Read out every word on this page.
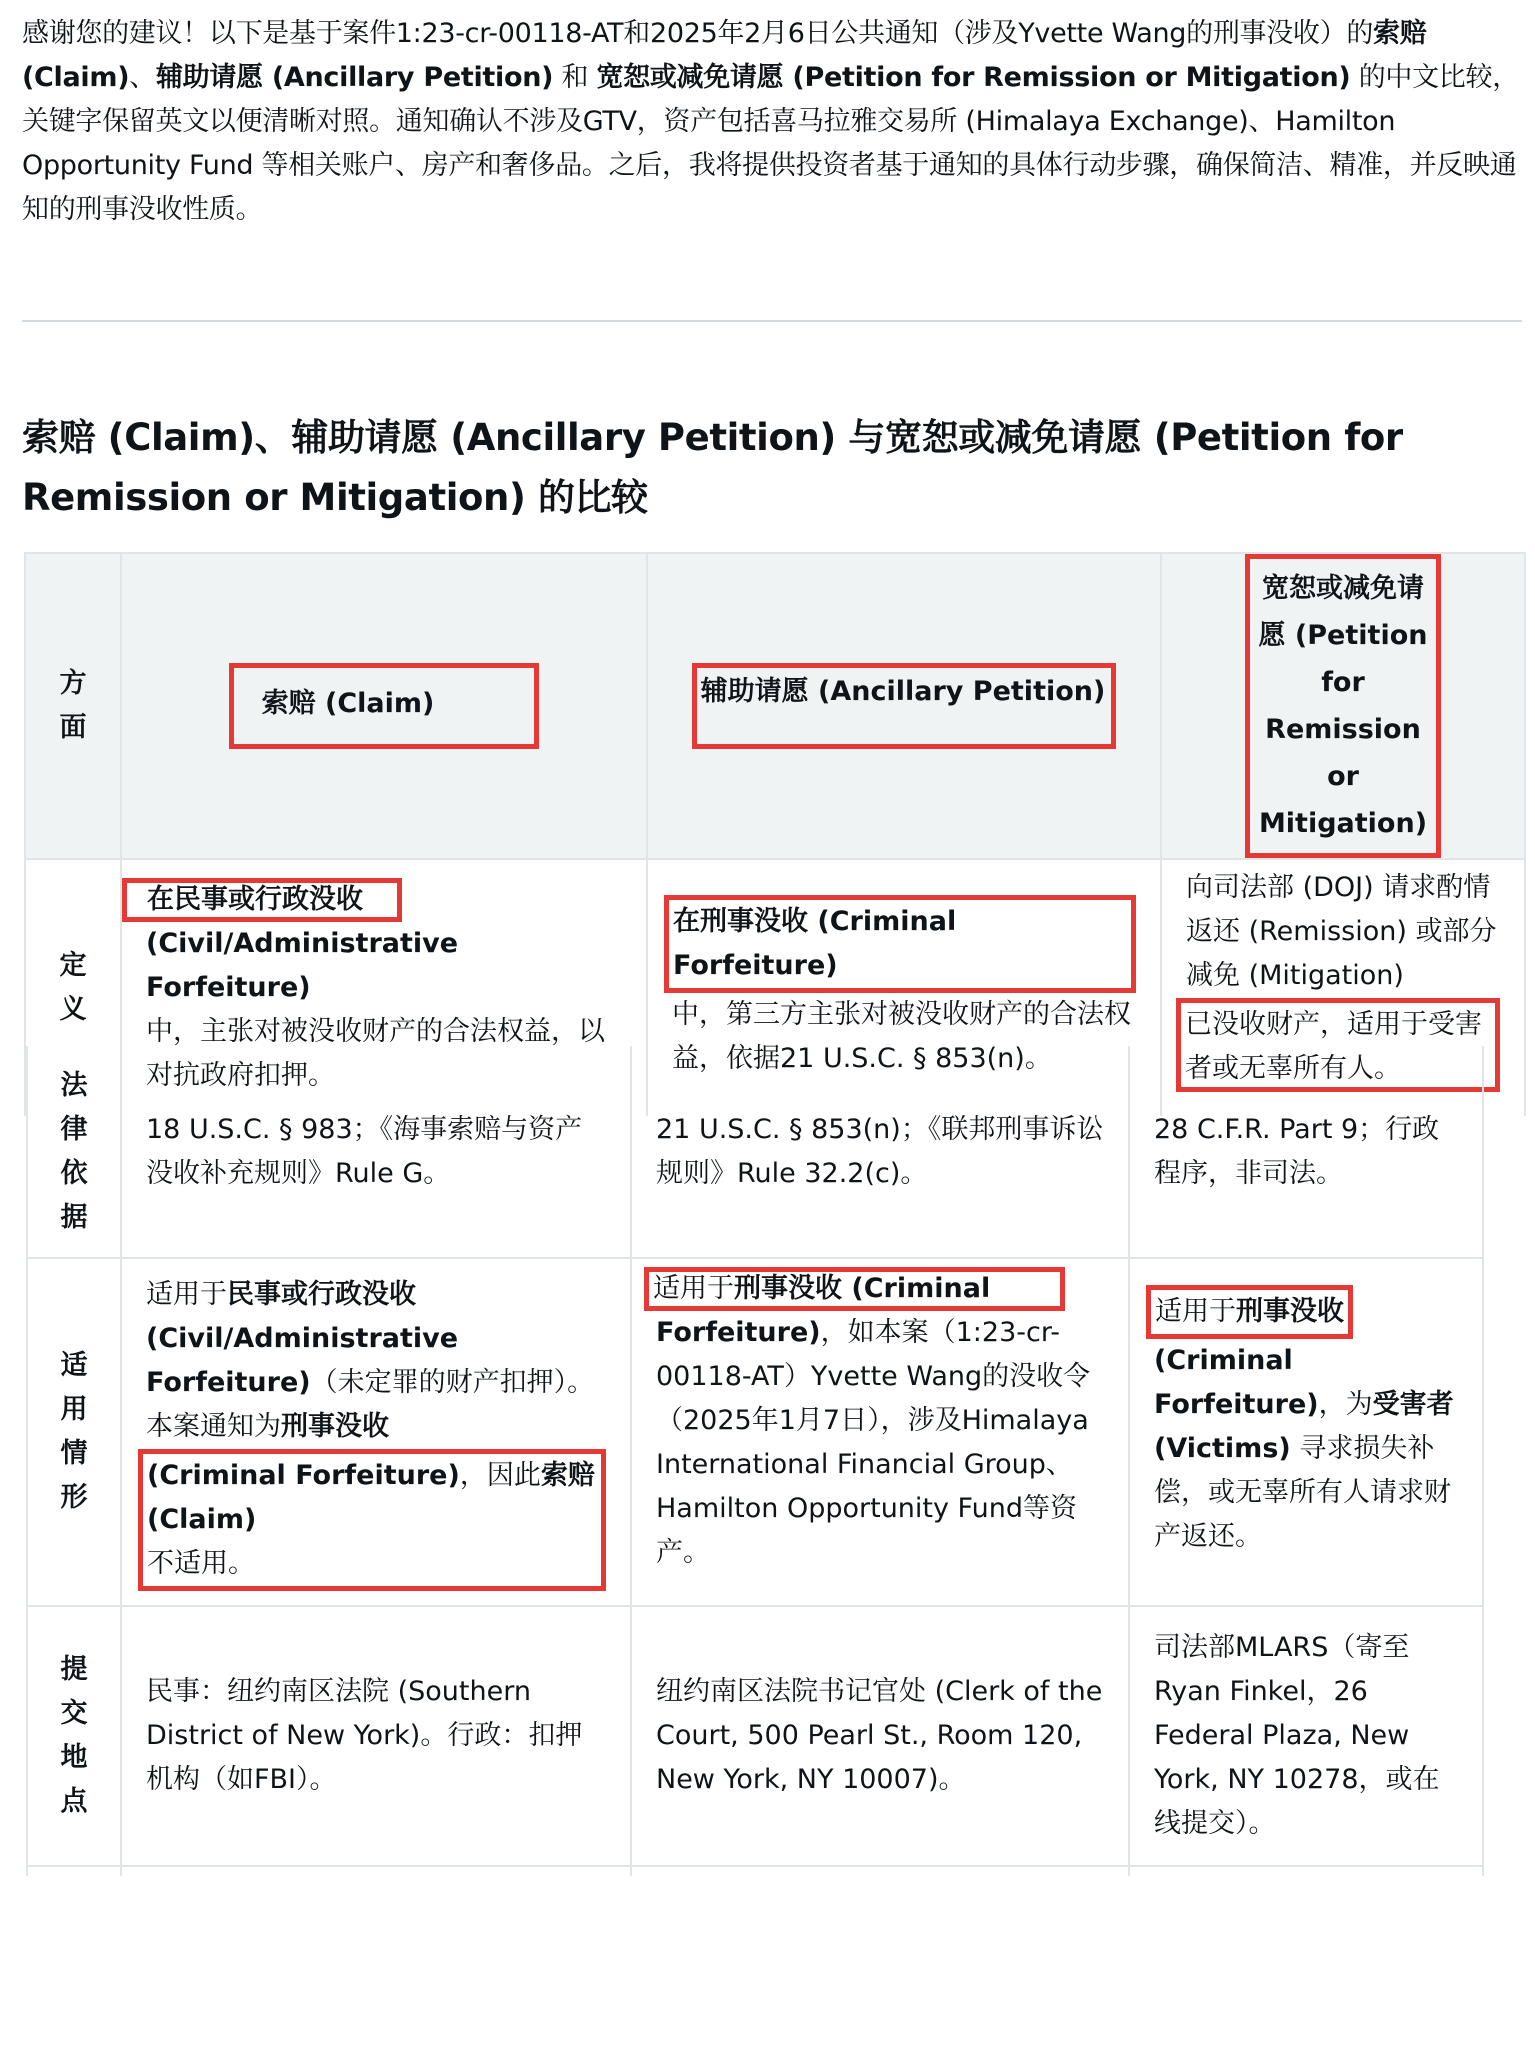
感谢您的建议！以下是基于案件1:23-cr-00118-AT和2025年2月6日公共通知（涉及Yvette Wang的刑事没收）的索赔 (Claim)、辅助请愿 (Ancillary Petition) 和 宽恕或减免请愿 (Petition for Remission or Mitigation) 的中文比较，关键字保留英文以便清晰对照。通知确认不涉及GTV，资产包括喜马拉雅交易所 (Himalaya Exchange)、Hamilton Opportunity Fund 等相关账户、房产和奢侈品。之后，我将提供投资者基于通知的具体行动步骤，确保简洁、精准，并反映通知的刑事没收性质。
索赔 (Claim)、辅助请愿 (Ancillary Petition) 与宽恕或减免请愿 (Petition for Remission or Mitigation) 的比较
方
面	索赔 (Claim)	辅助请愿 (Ancillary Petition)	宽恕或减免请愿 (Petition for Remission or Mitigation)

定
义	在民事或行政没收
(Civil/Administrative Forfeiture)
中，主张对被没收财产的合法权益，以对抗政府扣押。	在刑事没收 (Criminal Forfeiture)
中，第三方主张对被没收财产的合法权益，依据21 U.S.C. § 853(n)。	向司法部 (DOJ) 请求酌情返还 (Remission) 或部分减免 (Mitigation)
已没收财产，适用于受害者或无辜所有人。
法
律
依
据	18 U.S.C. § 983；《海事索赔与资产没收补充规则》Rule G。	21 U.S.C. § 853(n)；《联邦刑事诉讼规则》Rule 32.2(c)。	28 C.F.R. Part 9；行政程序，非司法。

适
用
情
形	适用于民事或行政没收 (Civil/Administrative Forfeiture)（未定罪的财产扣押）。本案通知为刑事没收
(Criminal Forfeiture)，因此索赔 (Claim)
不适用。	适用于刑事没收 (Criminal
Forfeiture)，如本案（1:23-cr-00118-AT）Yvette Wang的没收令（2025年1月7日），涉及Himalaya International Financial Group、Hamilton Opportunity Fund等资产。	适用于刑事没收
(Criminal Forfeiture)，为受害者 (Victims) 寻求损失补偿，或无辜所有人请求财产返还。

提
交
地
点	民事：纽约南区法院 (Southern District of New York)。行政：扣押机构（如FBI）。	纽约南区法院书记官处 (Clerk of the Court, 500 Pearl St., Room 120, New York, NY 10007)。	司法部MLARS（寄至Ryan Finkel，26 Federal Plaza, New York, NY 10278，或在线提交）。
